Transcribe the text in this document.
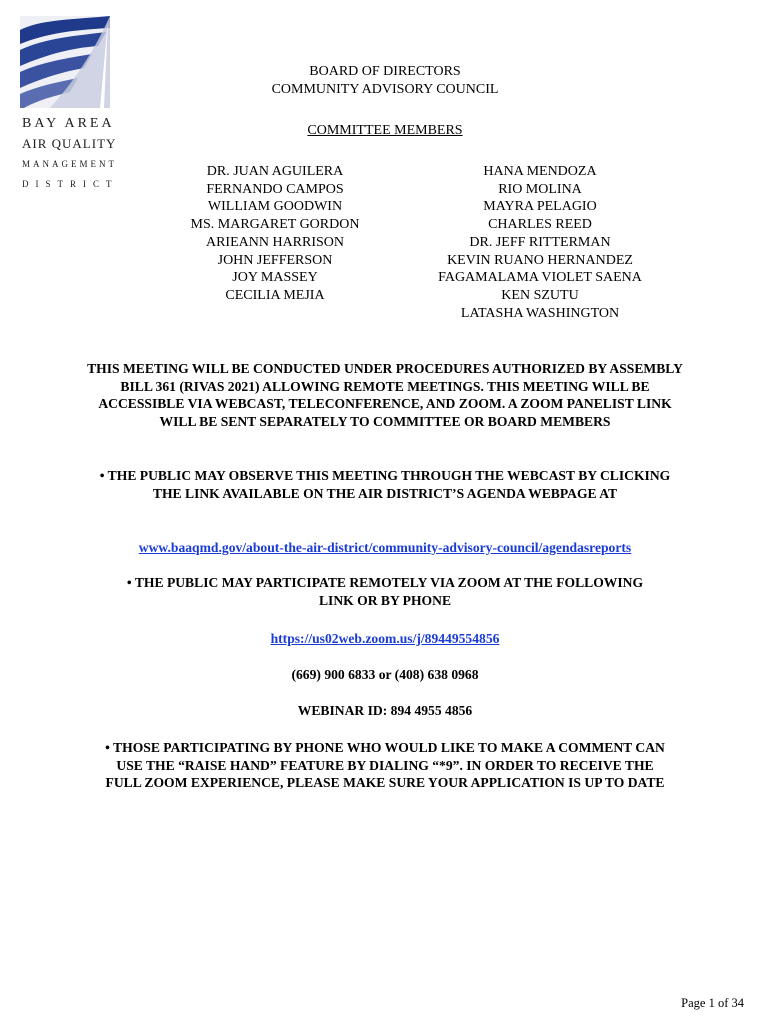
BAY AREA
AIR QUALITY
MANAGEMENT
DISTRICT
BOARD OF DIRECTORS
COMMUNITY ADVISORY COUNCIL
COMMITTEE MEMBERS
DR. JUAN AGUILERA
FERNANDO CAMPOS
WILLIAM GOODWIN
MS. MARGARET GORDON
ARIEANN HARRISON
JOHN JEFFERSON
JOY MASSEY
CECILIA MEJIA
HANA MENDOZA
RIO MOLINA
MAYRA PELAGIO
CHARLES REED
DR. JEFF RITTERMAN
KEVIN RUANO HERNANDEZ
FAGAMALAMA VIOLET SAENA
KEN SZUTU
LATASHA WASHINGTON
THIS MEETING WILL BE CONDUCTED UNDER PROCEDURES AUTHORIZED BY ASSEMBLY BILL 361 (RIVAS 2021) ALLOWING REMOTE MEETINGS. THIS MEETING WILL BE ACCESSIBLE VIA WEBCAST, TELECONFERENCE, AND ZOOM. A ZOOM PANELIST LINK WILL BE SENT SEPARATELY TO COMMITTEE OR BOARD MEMBERS
• THE PUBLIC MAY OBSERVE THIS MEETING THROUGH THE WEBCAST BY CLICKING THE LINK AVAILABLE ON THE AIR DISTRICT’S AGENDA WEBPAGE AT
www.baaqmd.gov/about-the-air-district/community-advisory-council/agendasreports
• THE PUBLIC MAY PARTICIPATE REMOTELY VIA ZOOM AT THE FOLLOWING LINK OR BY PHONE
https://us02web.zoom.us/j/89449554856
(669) 900 6833 or (408) 638 0968
WEBINAR ID: 894 4955 4856
• THOSE PARTICIPATING BY PHONE WHO WOULD LIKE TO MAKE A COMMENT CAN USE THE “RAISE HAND” FEATURE BY DIALING “*9”. IN ORDER TO RECEIVE THE FULL ZOOM EXPERIENCE, PLEASE MAKE SURE YOUR APPLICATION IS UP TO DATE
Page 1 of 34
